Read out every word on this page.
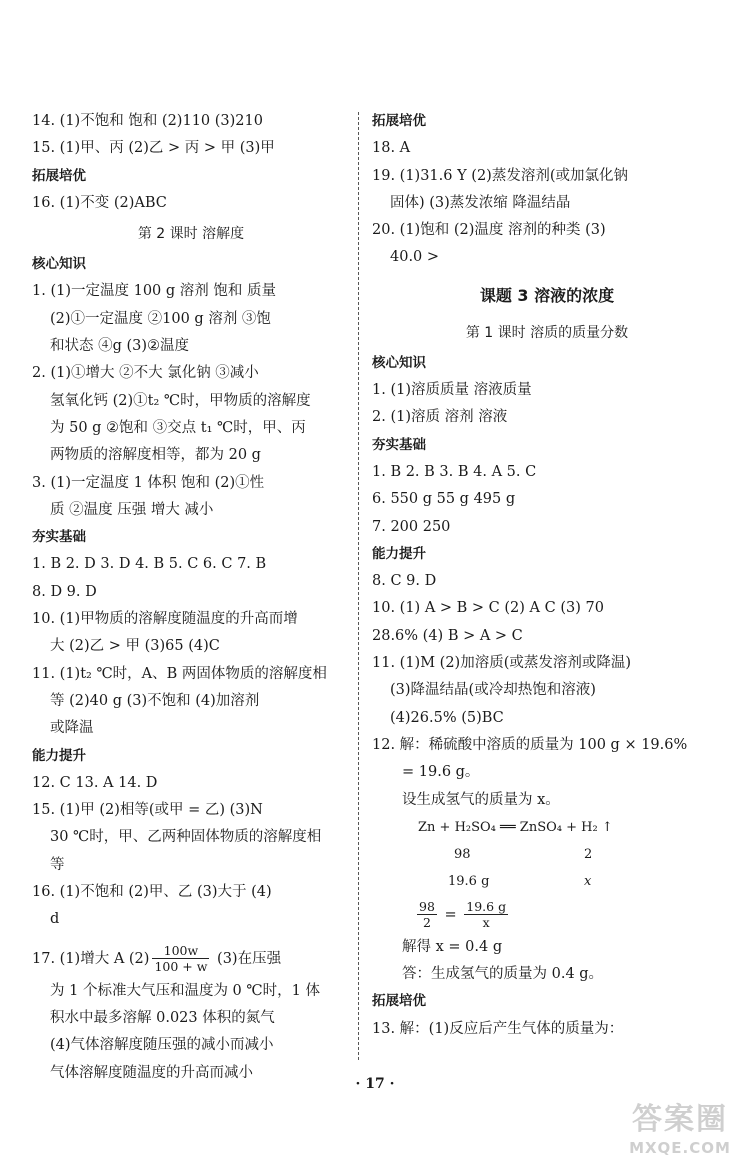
14. (1)不饱和 饱和 (2)110 (3)210
15. (1)甲、丙 (2)乙 > 丙 > 甲 (3)甲
拓展培优
16. (1)不变 (2)ABC
第 2 课时 溶解度
核心知识
1. (1)一定温度 100 g 溶剂 饱和 质量
(2)①一定温度 ②100 g 溶剂 ③饱
和状态 ④g (3)②温度
2. (1)①增大 ②不大 氯化钠 ③减小
氢氧化钙 (2)①t₂ ℃时，甲物质的溶解度
为 50 g ②饱和 ③交点 t₁ ℃时，甲、丙
两物质的溶解度相等，都为 20 g
3. (1)一定温度 1 体积 饱和 (2)①性
质 ②温度 压强 增大 减小
夯实基础
1. B 2. D 3. D 4. B 5. C 6. C 7. B
8. D 9. D
10. (1)甲物质的溶解度随温度的升高而增
大 (2)乙 > 甲 (3)65 (4)C
11. (1)t₂ ℃时，A、B 两固体物质的溶解度相
等 (2)40 g (3)不饱和 (4)加溶剂
或降温
能力提升
12. C 13. A 14. D
15. (1)甲 (2)相等(或甲 = 乙) (3)N
30 ℃时，甲、乙两种固体物质的溶解度相
等
16. (1)不饱和 (2)甲、乙 (3)大于 (4)
d
17. (1)增大 A $(2) \frac{100w}{100 + w} (3)$在压强
为 1 个标准大气压和温度为 0 ℃时，1 体
积水中最多溶解 0.023 体积的氮气
(4)气体溶解度随压强的减小而减小
气体溶解度随温度的升高而减小
拓展培优
18. A
19. (1)31.6 Y (2)蒸发溶剂(或加氯化钠
固体) (3)蒸发浓缩 降温结晶
20. (1)饱和 (2)温度 溶剂的种类 (3)
40.0 >
课题 3 溶液的浓度
第 1 课时 溶质的质量分数
核心知识
1. (1)溶质质量 溶液质量
2. (1)溶质 溶剂 溶液
夯实基础
1. B 2. B 3. B 4. A 5. C
6. 550 g 55 g 495 g
7. 200 250
能力提升
8. C 9. D
10. (1) A > B > C (2) A C (3) 70
28.6% (4) B > A > C
11. (1)M (2)加溶质(或蒸发溶剂或降温)
(3)降温结晶(或冷却热饱和溶液)
(4)26.5% (5)BC
12. 解：稀硫酸中溶质的质量为 100 g × 19.6%
= 19.6 g。
设生成氢气的质量为 x。
Zn + H₂SO₄ ══ ZnSO₄ + H₂ ↑
98	2
19.6 g	x
$\frac{98}{2} = \frac{19.6 g}{x}$
解得 x = 0.4 g
答：生成氢气的质量为 0.4 g。
拓展培优
13. 解：(1)反应后产生气体的质量为：
· 17 ·
答案圈
MXQE.COM
